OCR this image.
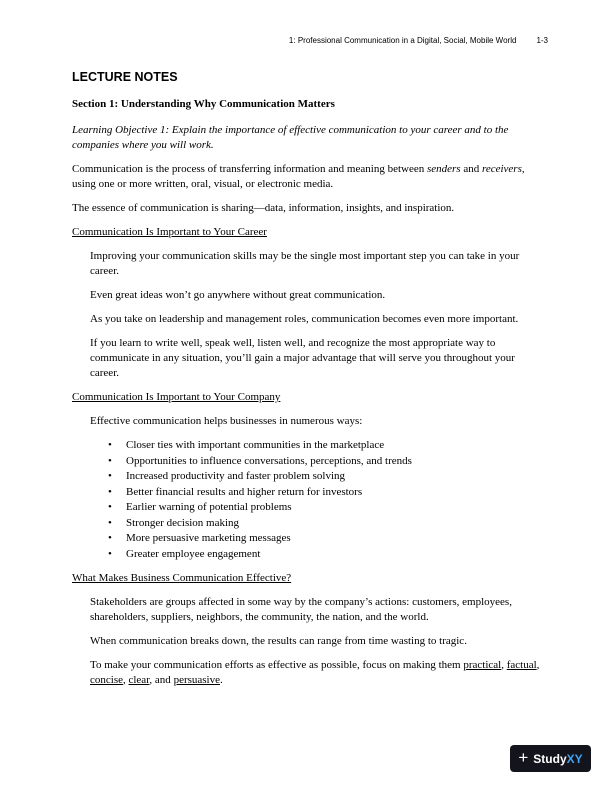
1: Professional Communication in a Digital, Social, Mobile World	1-3
LECTURE NOTES
Section 1: Understanding Why Communication Matters

Learning Objective 1: Explain the importance of effective communication to your career and to the companies where you will work.

Communication is the process of transferring information and meaning between senders and receivers, using one or more written, oral, visual, or electronic media.

The essence of communication is sharing—data, information, insights, and inspiration.

Communication Is Important to Your Career

Improving your communication skills may be the single most important step you can take in your career.

Even great ideas won’t go anywhere without great communication.

As you take on leadership and management roles, communication becomes even more important.

If you learn to write well, speak well, listen well, and recognize the most appropriate way to communicate in any situation, you’ll gain a major advantage that will serve you throughout your career.

Communication Is Important to Your Company

Effective communication helps businesses in numerous ways:

• Closer ties with important communities in the marketplace
• Opportunities to influence conversations, perceptions, and trends
• Increased productivity and faster problem solving
• Better financial results and higher return for investors
• Earlier warning of potential problems
• Stronger decision making
• More persuasive marketing messages
• Greater employee engagement
What Makes Business Communication Effective?

Stakeholders are groups affected in some way by the company’s actions: customers, employees, shareholders, suppliers, neighbors, the community, the nation, and the world.

When communication breaks down, the results can range from time wasting to tragic.

To make your communication efforts as effective as possible, focus on making them practical, factual, concise, clear, and persuasive.

+ StudyXY
